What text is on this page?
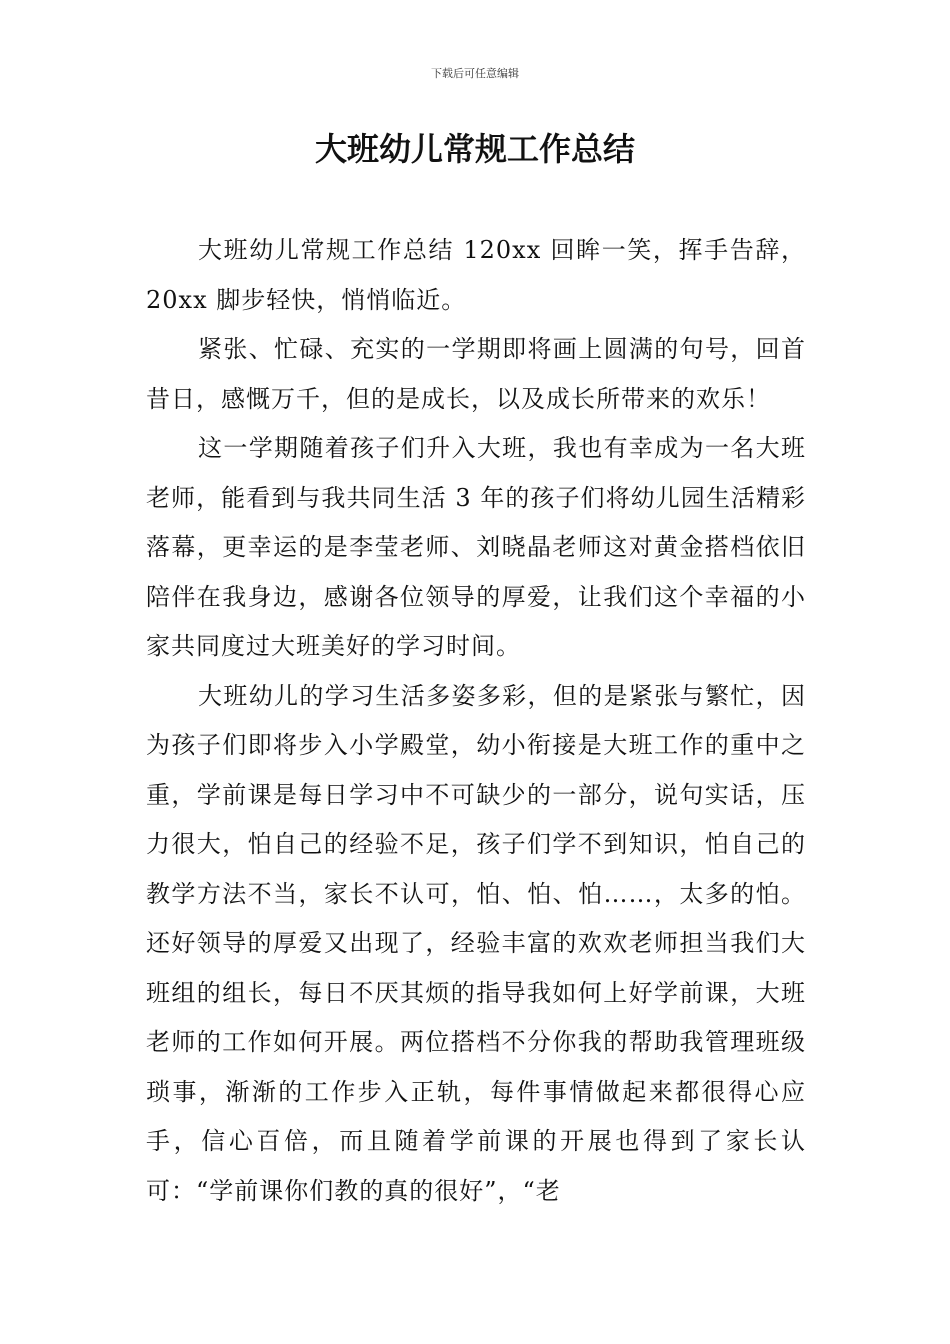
下载后可任意编辑
大班幼儿常规工作总结

大班幼儿常规工作总结 120xx 回眸一笑，挥手告辞，20xx 脚步轻快，悄悄临近。

紧张、忙碌、充实的一学期即将画上圆满的句号，回首昔日，感慨万千，但的是成长，以及成长所带来的欢乐！

这一学期随着孩子们升入大班，我也有幸成为一名大班老师，能看到与我共同生活 3 年的孩子们将幼儿园生活精彩落幕，更幸运的是李莹老师、刘晓晶老师这对黄金搭档依旧陪伴在我身边，感谢各位领导的厚爱，让我们这个幸福的小家共同度过大班美好的学习时间。

大班幼儿的学习生活多姿多彩，但的是紧张与繁忙，因为孩子们即将步入小学殿堂，幼小衔接是大班工作的重中之重，学前课是每日学习中不可缺少的一部分，说句实话，压力很大，怕自己的经验不足，孩子们学不到知识，怕自己的教学方法不当，家长不认可，怕、怕、怕……，太多的怕。还好领导的厚爱又出现了，经验丰富的欢欢老师担当我们大班组的组长，每日不厌其烦的指导我如何上好学前课，大班老师的工作如何开展。两位搭档不分你我的帮助我管理班级琐事，渐渐的工作步入正轨，每件事情做起来都很得心应手，信心百倍，而且随着学前课的开展也得到了家长认可：“学前课你们教的真的很好”，“老
